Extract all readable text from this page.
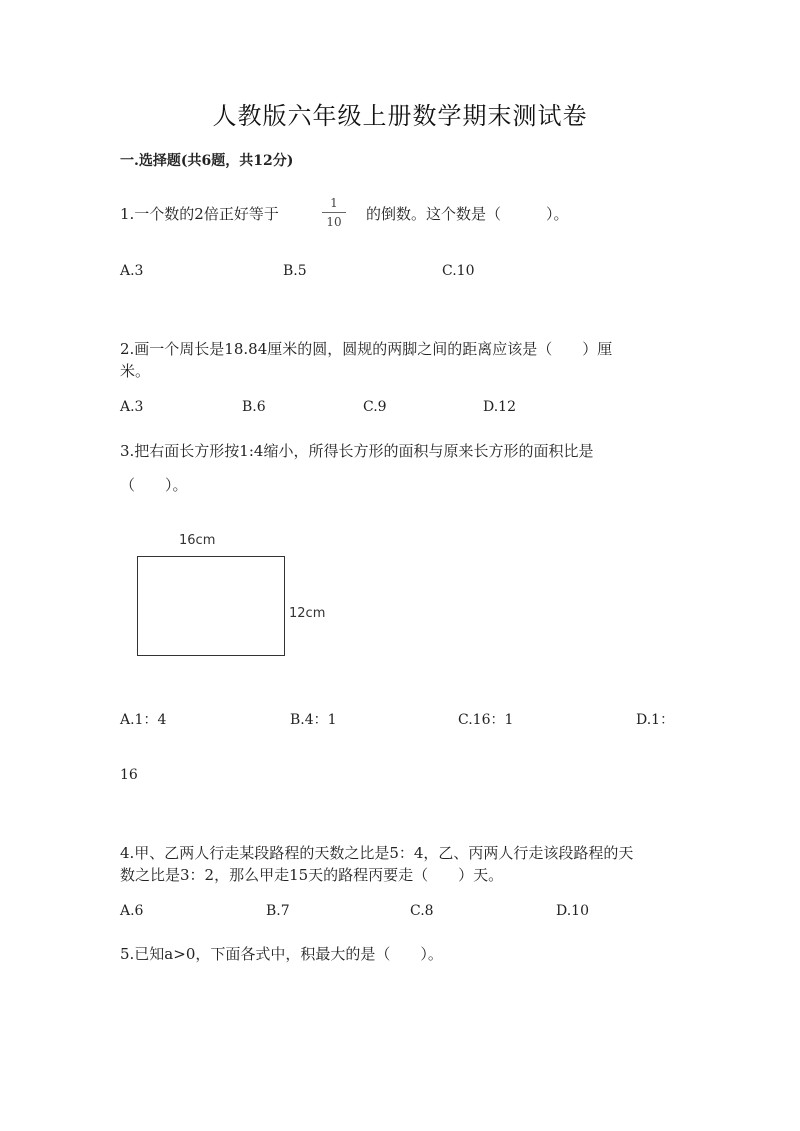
人教版六年级上册数学期末测试卷
一.选择题(共6题，共12分)
1.一个数的2倍正好等于
1
10	的倒数。这个数是（　　　）。
A.3	B.5	C.10
2.画一个周长是18.84厘米的圆，圆规的两脚之间的距离应该是（　　）厘
米。
A.3	B.6	C.9	D.12
3.把右面长方形按1:4缩小，所得长方形的面积与原来长方形的面积比是
（　　）。
16cm
12cm
A.1：4	B.4：1	C.16：1	D.1：
16
4.甲、乙两人行走某段路程的天数之比是5：4，乙、丙两人行走该段路程的天
数之比是3：2，那么甲走15天的路程丙要走（　　）天。
A.6	B.7	C.8	D.10
5.已知a>0，下面各式中，积最大的是（　　）。
